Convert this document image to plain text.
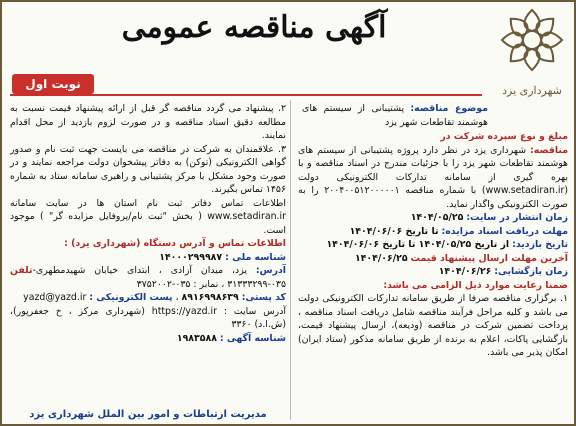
آگهی مناقصه عمومی
شهرداری یزد
نوبت اول
موضوع مناقصه: پشتیبانی از سیستم های هوشمند تقاطعات شهر یزد
مبلغ و نوع سپرده شرکت در
مناقصه: شهرداری یزد در نظر دارد پروژه پشتیبانی از سیستم های هوشمند تقاطعات شهر یزد را با جزئیات مندرج در اسناد مناقصه و با بهره گیری از سامانه تدارکات الکترونیکی دولت (www.setadiran.ir) با شماره مناقصه ۲۰۰۴۰۰۵۱۲۰۰۰۰۰۱ را به صورت الکترونیکی واگذار نماید.
زمان انتشار در سایت: ۱۴۰۴/۰۵/۲۵
مهلت دریافت اسناد مزایده: تا تاریخ ۱۴۰۴/۰۶/۰۶
تاریخ بازدید: از تاریخ ۱۴۰۴/۰۵/۲۵ تا تاریخ ۱۴۰۴/۰۶/۰۶
آخرین مهلت ارسال پیشنهاد قیمت ۱۴۰۴/۰۶/۲۵
زمان بازگشایی: ۱۴۰۴/۰۶/۲۶
ضمنا رعایت موارد ذیل الزامی می باشد:
۱. برگزاری مناقصه صرفا از طریق سامانه تدارکات الکترونیکی دولت می باشد و کلیه مراحل فرآیند مناقصه شامل دریافت اسناد مناقصه ، پرداخت تضمین شرکت در مناقصه (ودیعه)، ارسال پیشنهاد قیمت، بازگشایی پاکات، اعلام به برنده از طریق سامانه مذکور (ستاد ایران) امکان پذیر می باشد.
۲. پیشنهاد می گردد مناقصه گر قبل از ارائه پیشنهاد قیمت نسبت به مطالعه دقیق اسناد مناقصه و در صورت لزوم بازدید از محل اقدام نمایند.
۳. علاقمندان به شرکت در مناقصه می بایست جهت ثبت نام و صدور گواهی الکترونیکی (توکن) به دفاتر پیشخوان دولت مراجعه نمایند و در صورت وجود مشکل با مرکز پشتیبانی و راهبری سامانه ستاد به شماره ۱۴۵۶ تماس بگیرند.
اطلاعات تماس دفاتر ثبت نام استان ها در سایت سامانه www.setadiran.ir ( بخش "ثبت نام/پروفایل مزایده گر" ) موجود است.
اطلاعات تماس و آدرس دستگاه (شهرداری یزد) :
شناسه ملی : ۱۴۰۰۰۲۹۹۹۸۷
آدرس: یزد، میدان آزادی ، ابتدای خیابان شهیدمطهری-تلفن ۰۳۵-۳۱۳۳۳۲۹۹ ، نمابر : ۰۳۵-۳۷۵۲۰۰۲
کد پستی: ۸۹۱۶۹۹۸۶۳۹ ، پست الکترونیکی : yazd@yazd.ir
آدرس سایت : https://yazd.ir (شهرداری مرکز ، خ جعفرپور)، (ش.ا.د) ۳۳۶۰
شناسه آگهی : ۱۹۸۳۵۸۸
مدیریت ارتباطات و امور بین الملل شهرداری یزد
